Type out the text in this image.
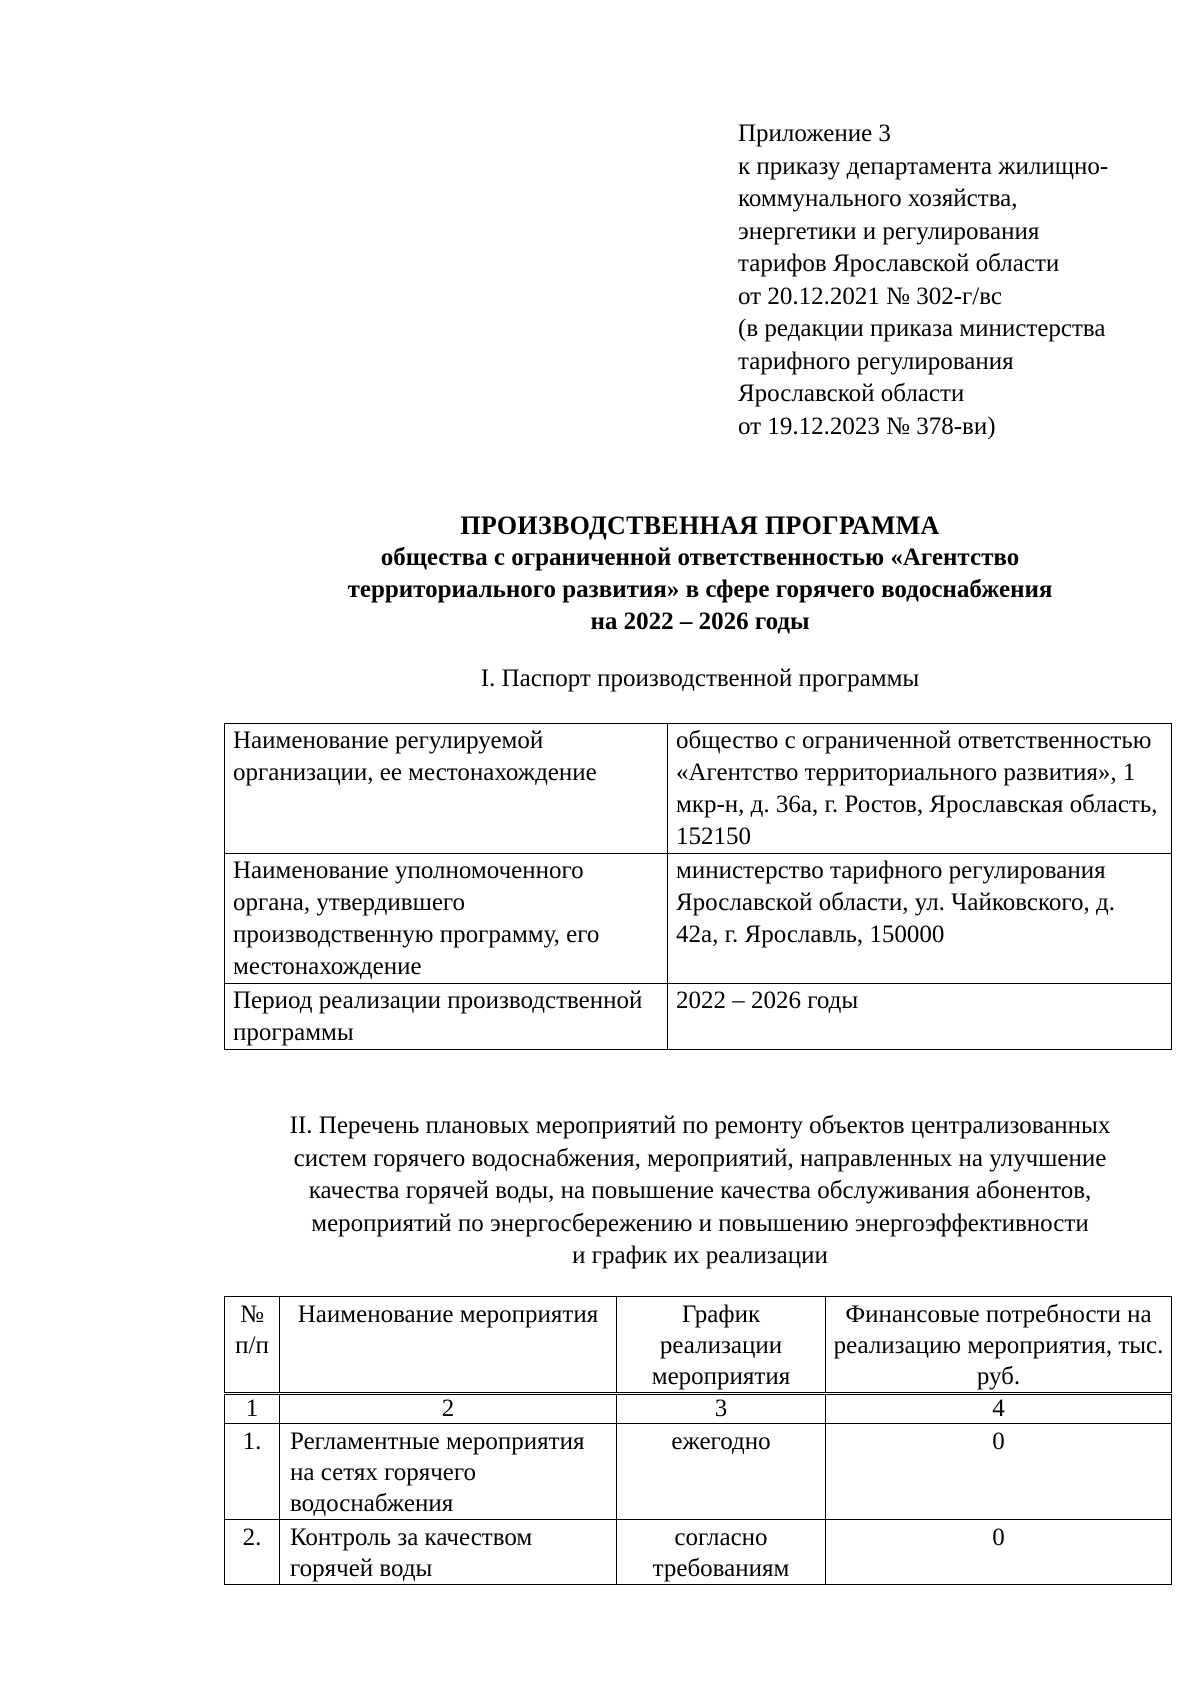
Приложение 3
к приказу департамента жилищно-
коммунального хозяйства,
энергетики и регулирования
тарифов Ярославской области
от 20.12.2021 № 302-г/вс
(в редакции приказа министерства
тарифного регулирования
Ярославской области
от 19.12.2023 № 378-ви)
ПРОИЗВОДСТВЕННАЯ ПРОГРАММА
общества с ограниченной ответственностью «Агентство
территориального развития» в сфере горячего водоснабжения
на 2022 – 2026 годы
I. Паспорт производственной программы
Наименование регулируемой организации, ее местонахождение	общество с ограниченной ответственностью «Агентство территориального развития», 1 мкр-н, д. 36а, г. Ростов, Ярославская область, 152150
Наименование уполномоченного органа, утвердившего производственную программу, его местонахождение	министерство тарифного регулирования Ярославской области, ул. Чайковского, д. 42а, г. Ярославль, 150000
Период реализации производственной программы	2022 – 2026 годы
II. Перечень плановых мероприятий по ремонту объектов централизованных
систем горячего водоснабжения, мероприятий, направленных на улучшение
качества горячей воды, на повышение качества обслуживания абонентов,
мероприятий по энергосбережению и повышению энергоэффективности
и график их реализации
№ п/п	Наименование мероприятия	График реализации мероприятия	Финансовые потребности на реализацию мероприятия, тыс. руб.
1	2	3	4
1.	Регламентные мероприятия на сетях горячего водоснабжения	ежегодно	0
2.	Контроль за качеством горячей воды	согласно требованиям	0
